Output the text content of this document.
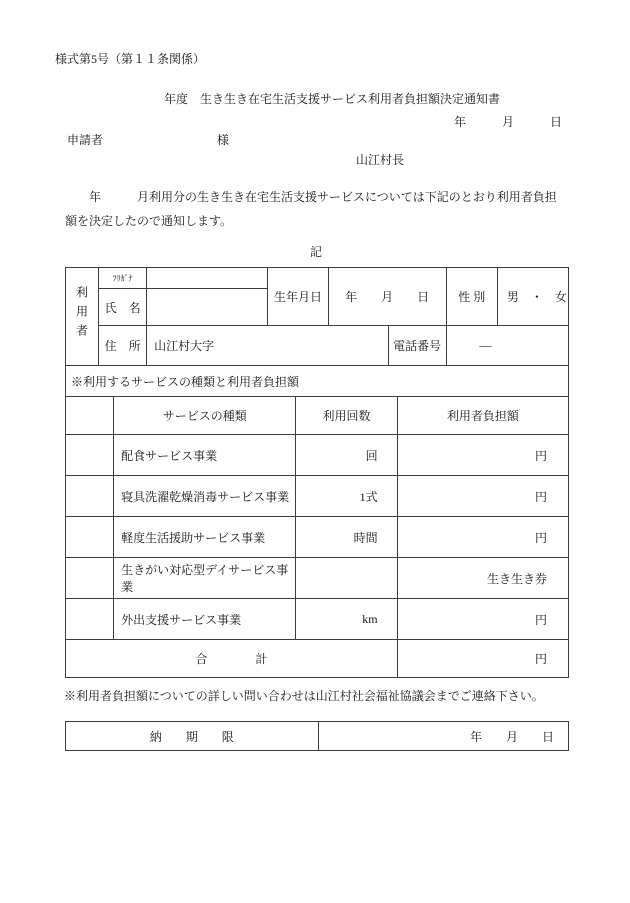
様式第5号（第１１条関係）
年度　生き生き在宅生活支援サービス利用者負担額決定通知書
年　　　月　　　日
申請者	様
山江村長
　　年　　　月利用分の生き生き在宅生活支援サービスについては下記のとおり利用者負担額を決定したので通知します。
記
利用者	ﾌﾘｶﾞﾅ		生年月日	年　　月　　日		性 別	男　・　女
	氏　名						
	住　所	山江村大字			電話番号	―	
※利用するサービスの種類と利用者負担額							
	サービスの種類	利用回数	利用者負担額
	配食サービス事業	回	円
	寝具洗濯乾燥消毒サービス事業	1式	円
	軽度生活援助サービス事業	時間	円
	生きがい対応型デイサービス事業		生き生き券
	外出支援サービス事業	km	円
合　　　　計			円
※利用者負担額についての詳しい問い合わせは山江村社会福祉協議会までご連絡下さい。
納　　期　　限	年　　月　　日
